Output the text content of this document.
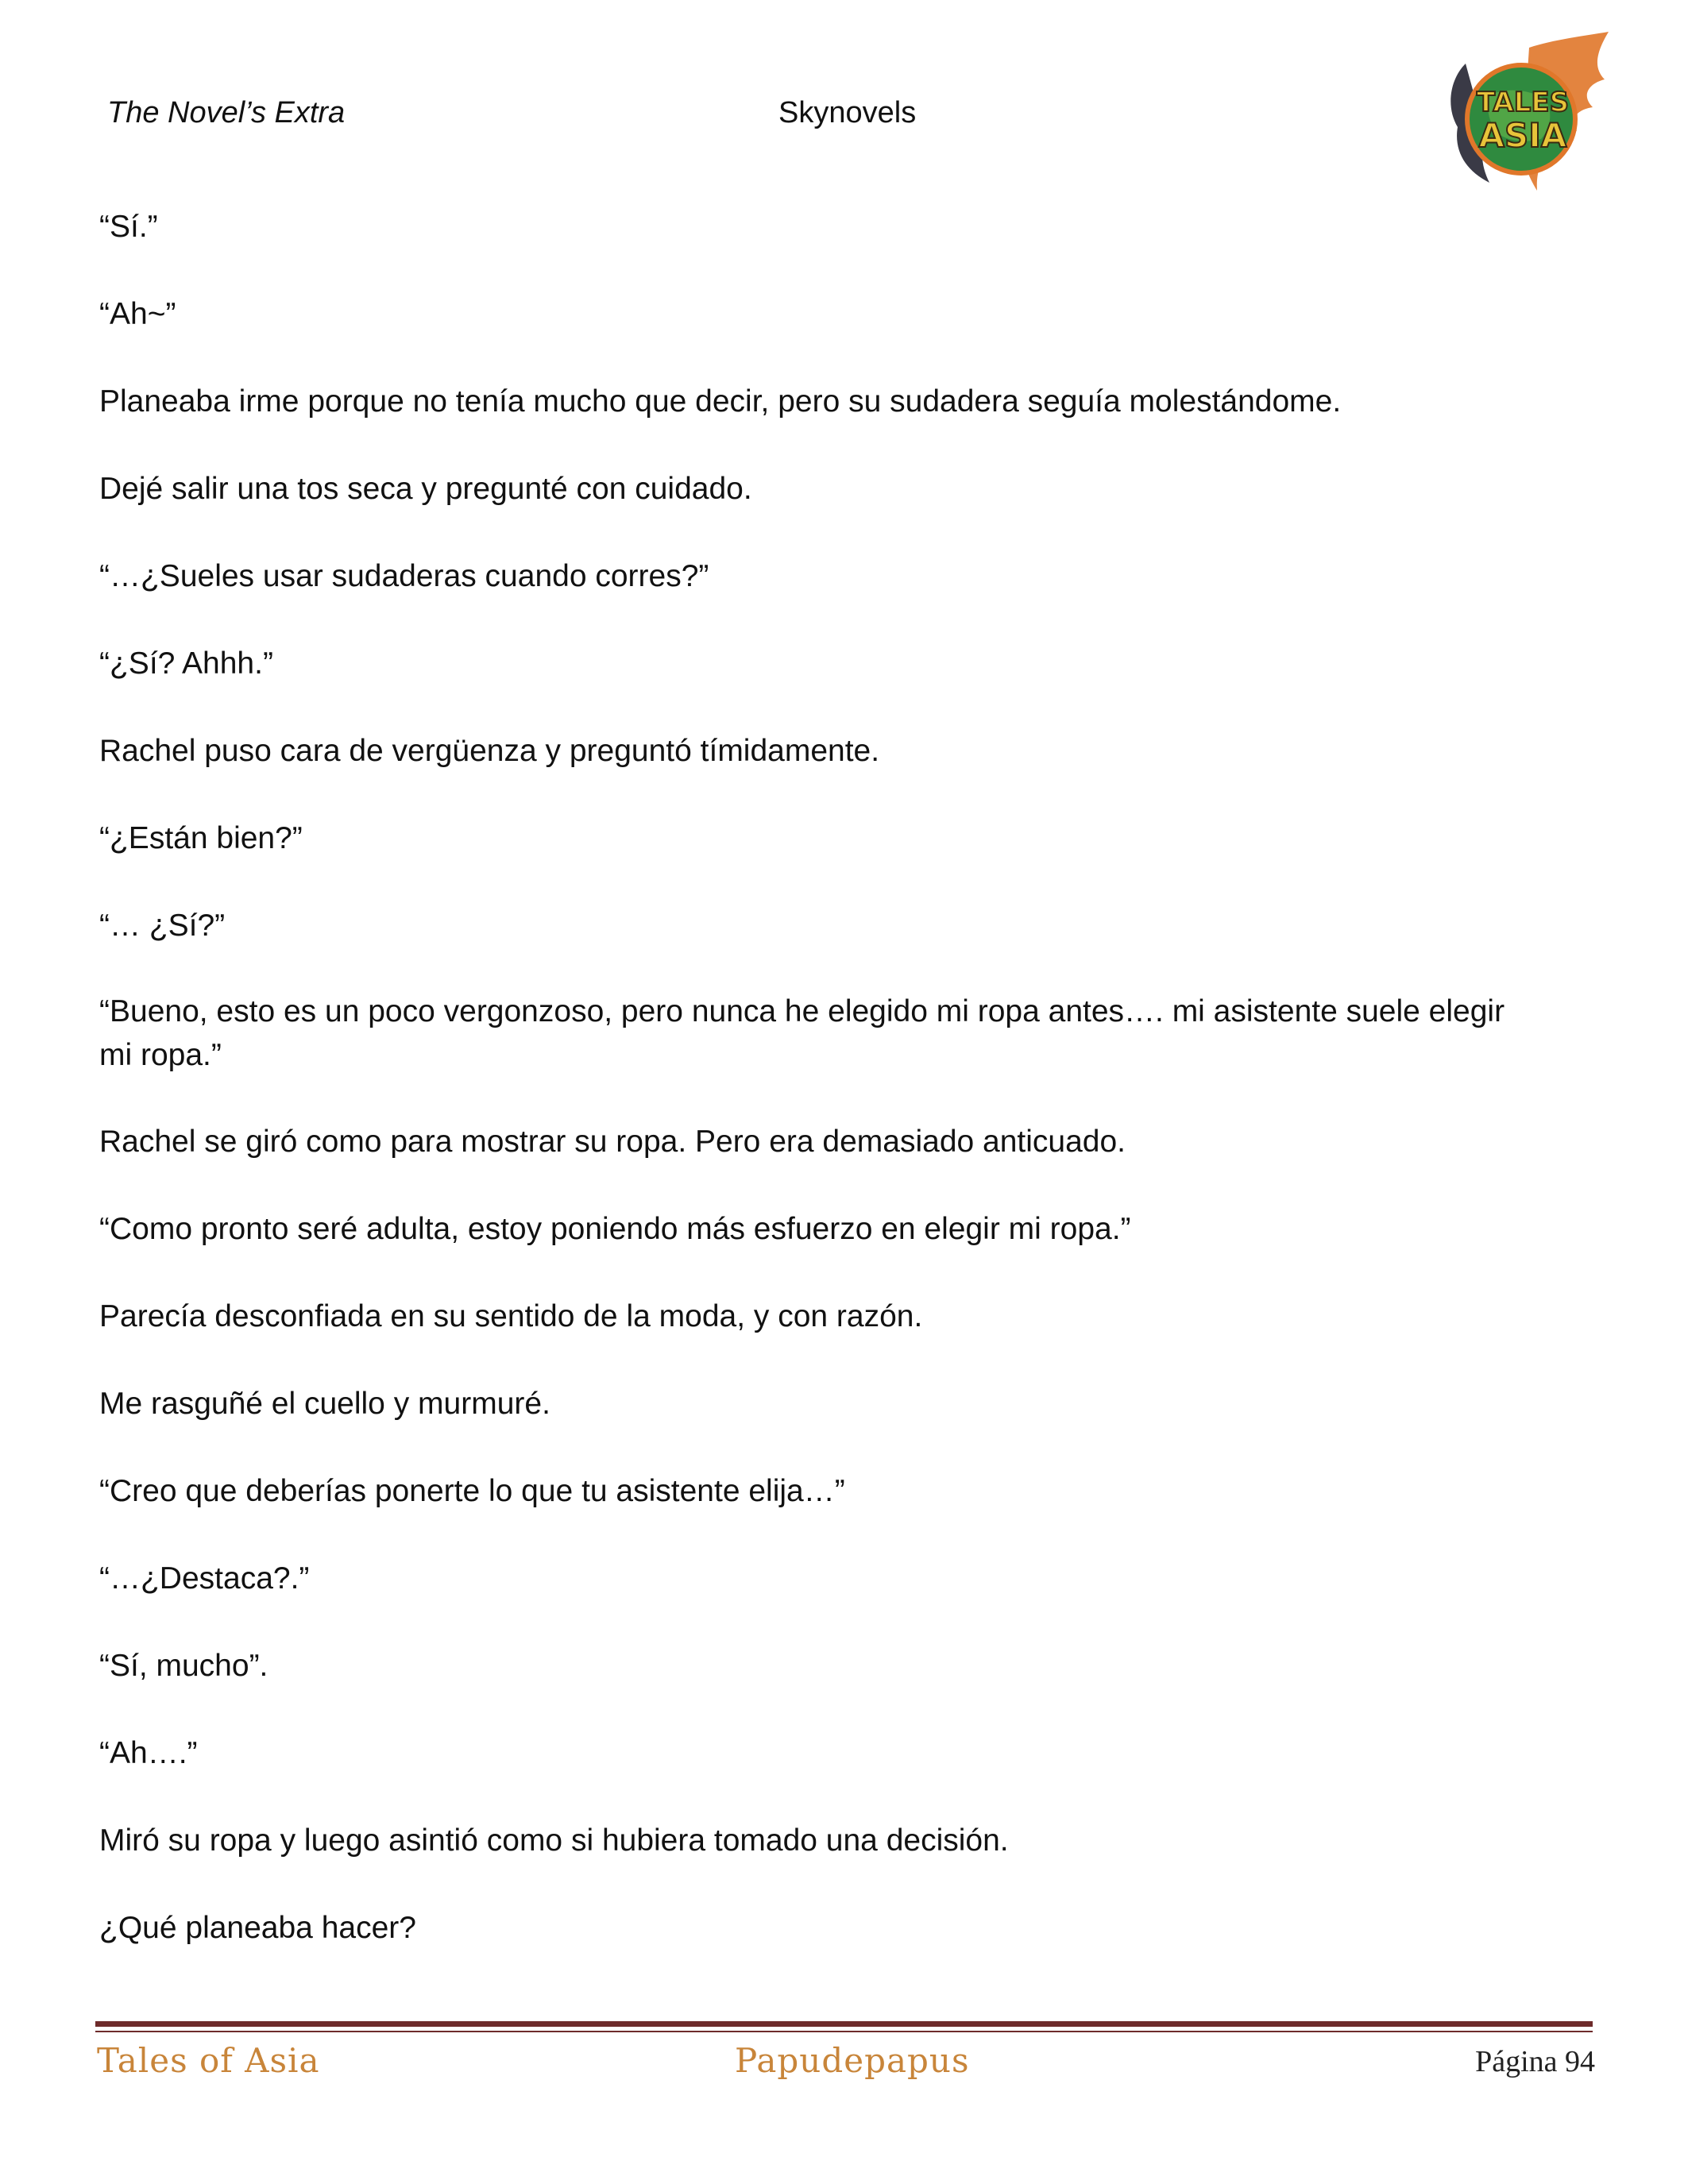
The Novel’s Extra	Skynovels	TALES
ASIA

“Sí.”

“Ah~”

Planeaba irme porque no tenía mucho que decir, pero su sudadera seguía molestándome.

Dejé salir una tos seca y pregunté con cuidado.

“…¿Sueles usar sudaderas cuando corres?”

“¿Sí? Ahhh.”

Rachel puso cara de vergüenza y preguntó tímidamente.

“¿Están bien?”

“… ¿Sí?”

“Bueno, esto es un poco vergonzoso, pero nunca he elegido mi ropa antes…. mi asistente suele elegir mi ropa.”

Rachel se giró como para mostrar su ropa. Pero era demasiado anticuado.

“Como pronto seré adulta, estoy poniendo más esfuerzo en elegir mi ropa.”

Parecía desconfiada en su sentido de la moda, y con razón.

Me rasguñé el cuello y murmuré.

“Creo que deberías ponerte lo que tu asistente elija…”

“…¿Destaca?.”

“Sí, mucho”.

“Ah….”

Miró su ropa y luego asintió como si hubiera tomado una decisión.

¿Qué planeaba hacer?

Tales of Asia	Papudepapus	Página 94
